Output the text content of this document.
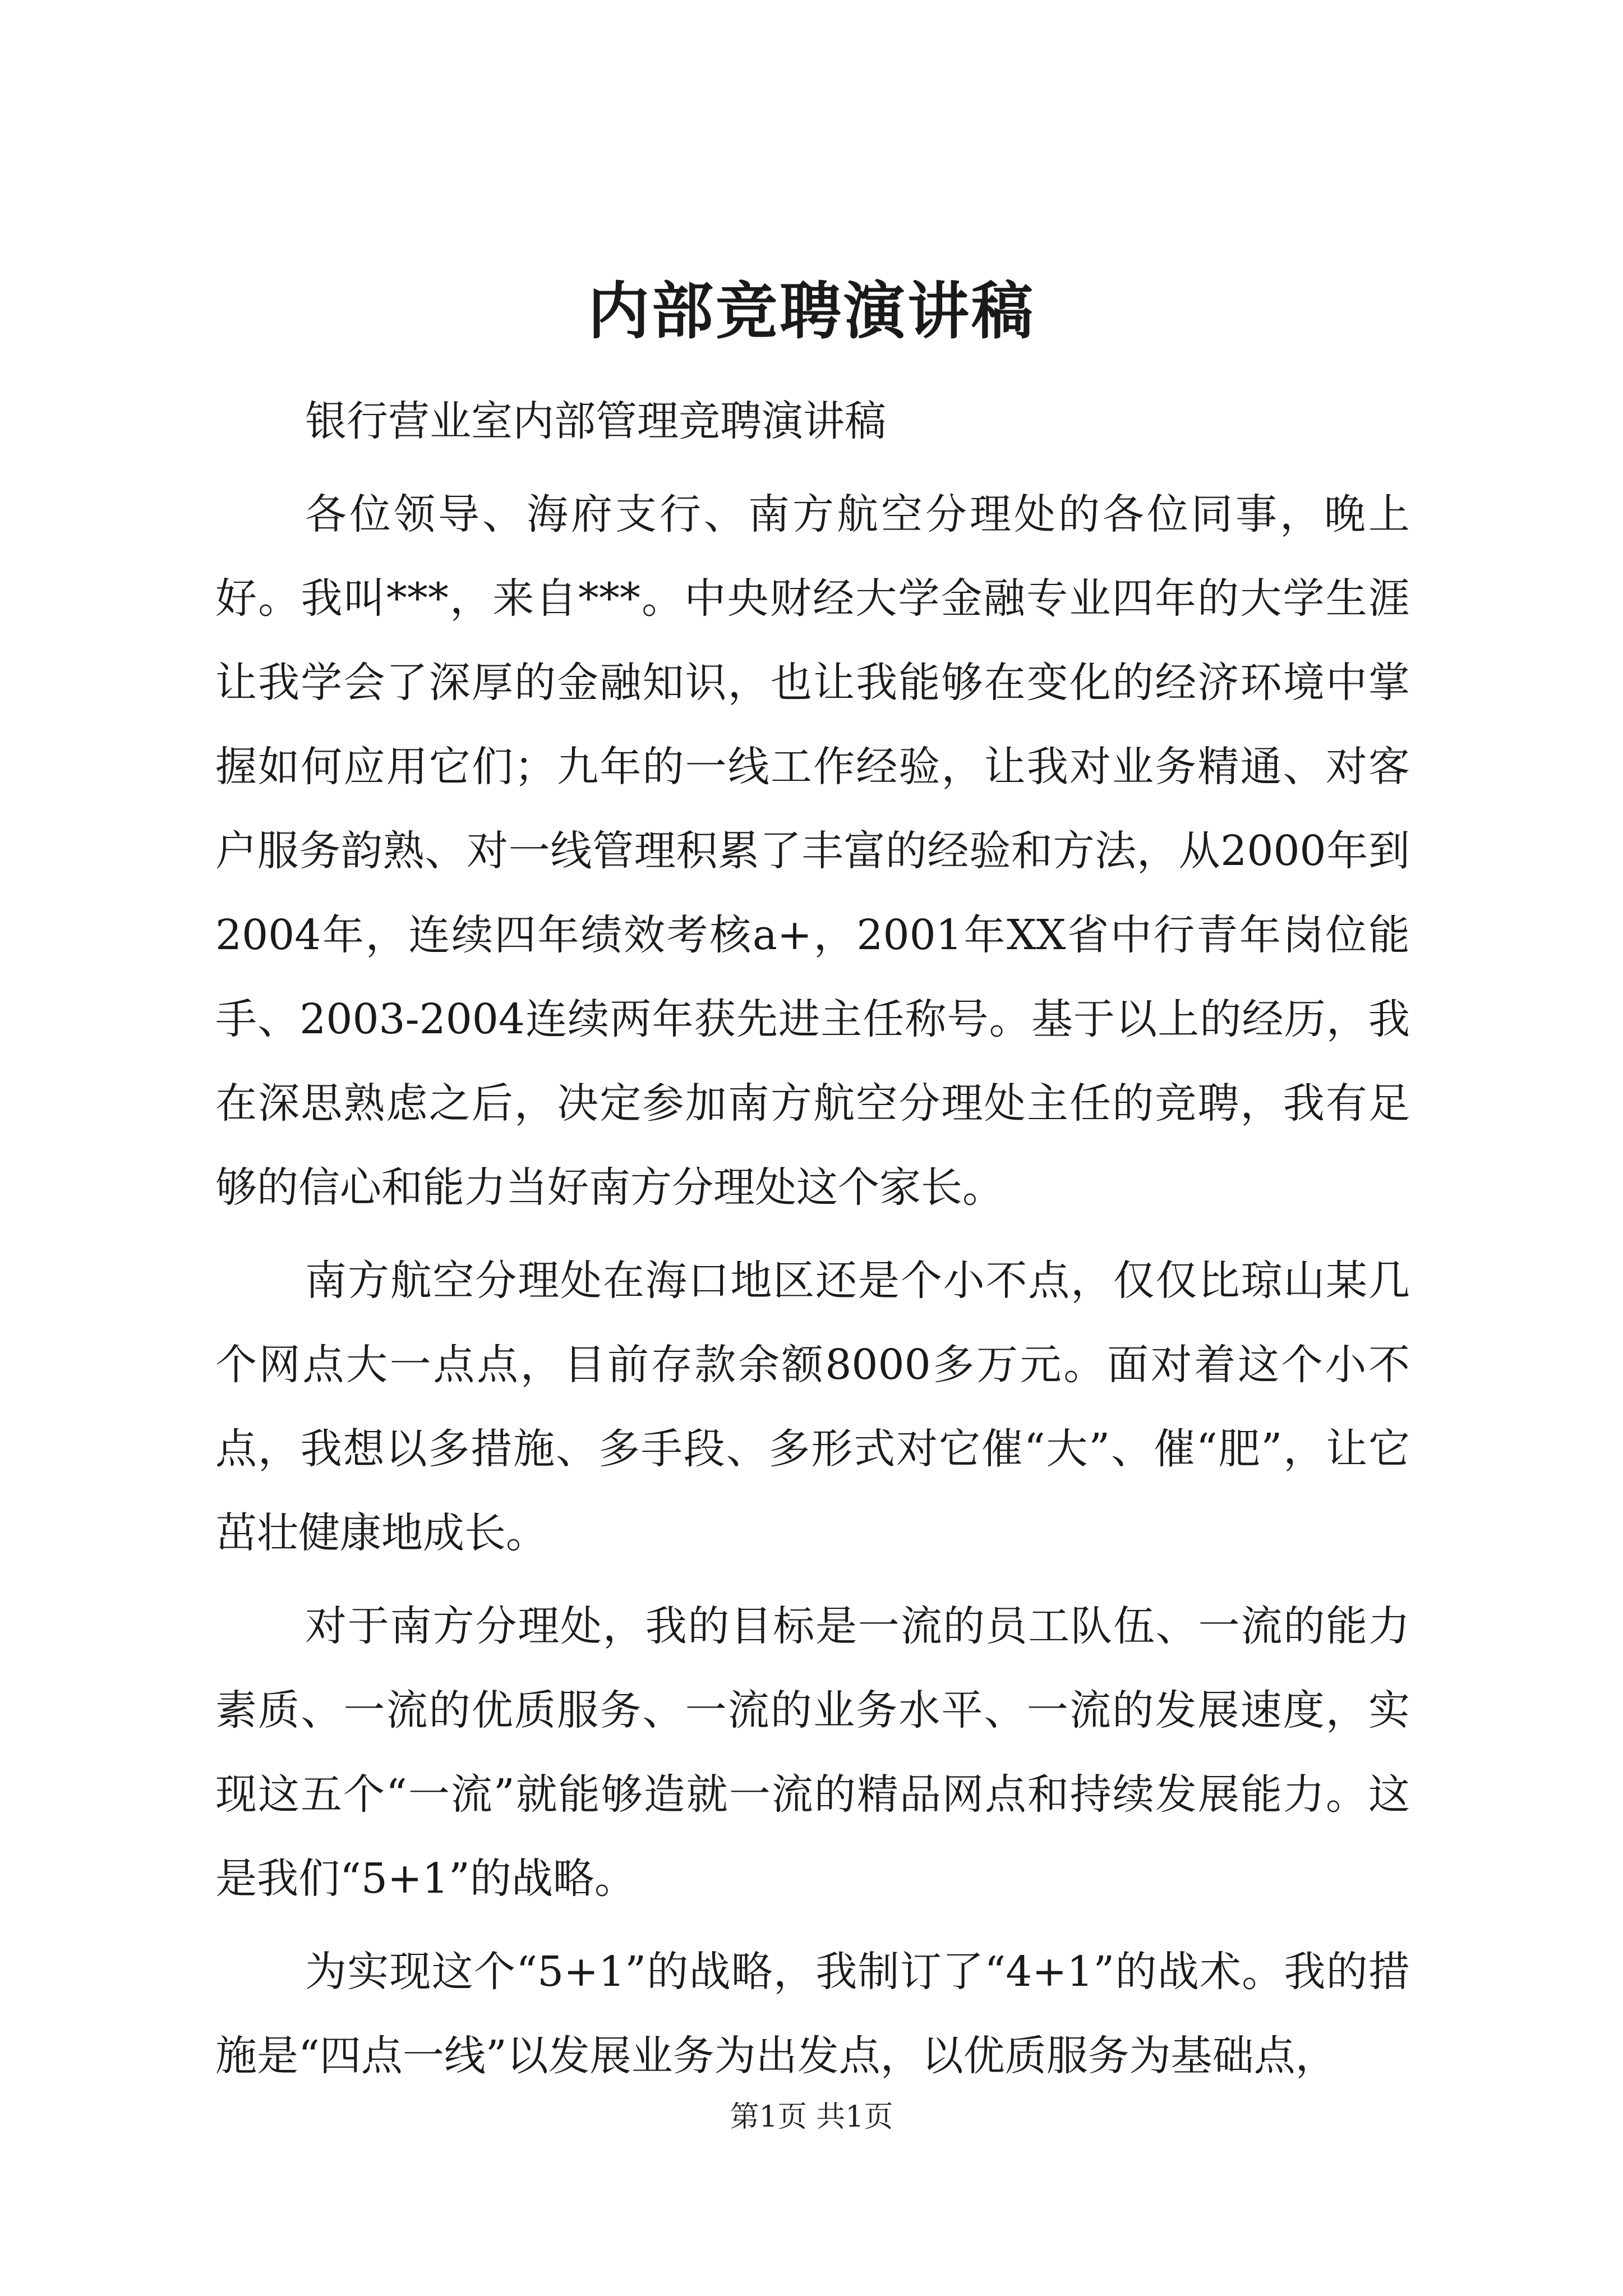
内部竞聘演讲稿

银行营业室内部管理竞聘演讲稿

各位领导、海府支行、南方航空分理处的各位同事，晚上好。我叫***，来自***。中央财经大学金融专业四年的大学生涯让我学会了深厚的金融知识，也让我能够在变化的经济环境中掌握如何应用它们；九年的一线工作经验，让我对业务精通、对客户服务韵熟、对一线管理积累了丰富的经验和方法，从2000年到2004年，连续四年绩效考核a+，2001年XX省中行青年岗位能手、2003-2004连续两年获先进主任称号。基于以上的经历，我在深思熟虑之后，决定参加南方航空分理处主任的竞聘，我有足够的信心和能力当好南方分理处这个家长。

南方航空分理处在海口地区还是个小不点，仅仅比琼山某几个网点大一点点，目前存款余额8000多万元。面对着这个小不点，我想以多措施、多手段、多形式对它催“大”、催“肥”，让它茁壮健康地成长。

对于南方分理处，我的目标是一流的员工队伍、一流的能力素质、一流的优质服务、一流的业务水平、一流的发展速度，实现这五个“一流”就能够造就一流的精品网点和持续发展能力。这是我们“5+1”的战略。

为实现这个“5+1”的战略，我制订了“4+1”的战术。我的措施是“四点一线”以发展业务为出发点，以优质服务为基础点，

第1页 共1页
